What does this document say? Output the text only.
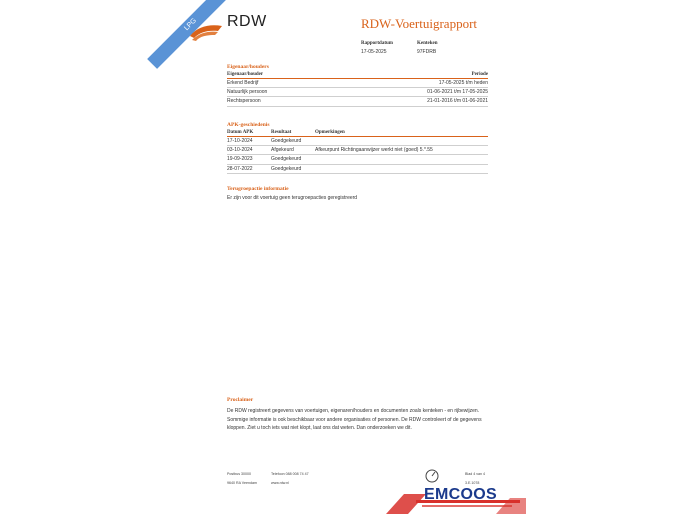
LPG	RDW	RDW-Voertuigrapport
Rapportdatum
17-05-2025
Kenteken
97FDRB
Eigenaar/houders
Eigenaar/houder	Periode
Erkend Bedrijf	17-05-2025 t/m heden
Natuurlijk persoon	01-06-2021 t/m 17-05-2025
Rechtspersoon	21-01-2016 t/m 01-06-2021
APK-geschiedenis
Datum APK	Resultaat	Opmerkingen
17-10-2024	Goedgekeurd	
03-10-2024	Afgekeurd	Afkeurpunt Richtingaanwijzer werkt niet (goed) 5.*.55
19-09-2023	Goedgekeurd	
28-07-2022	Goedgekeurd	
Terugroepactie informatie
Er zijn voor dit voertuig geen terugroepacties geregistreerd
Proclaimer
De RDW registreert gegevens van voertuigen, eigenaren/houders en documenten zoals kenteken - en rijbewijzen. Sommige informatie is ook beschikbaar voor andere organisaties of personen. De RDW controleert of de gegevens kloppen. Ziet u toch iets wat niet klopt, laat ons dat weten. Dan onderzoeken we dit.
Postbus 30000
9640 RA Veendam
Telefoon 088 008 74 47
www.rdw.nl
Blad 4 van 4
3.E.1078
EMCOOS
